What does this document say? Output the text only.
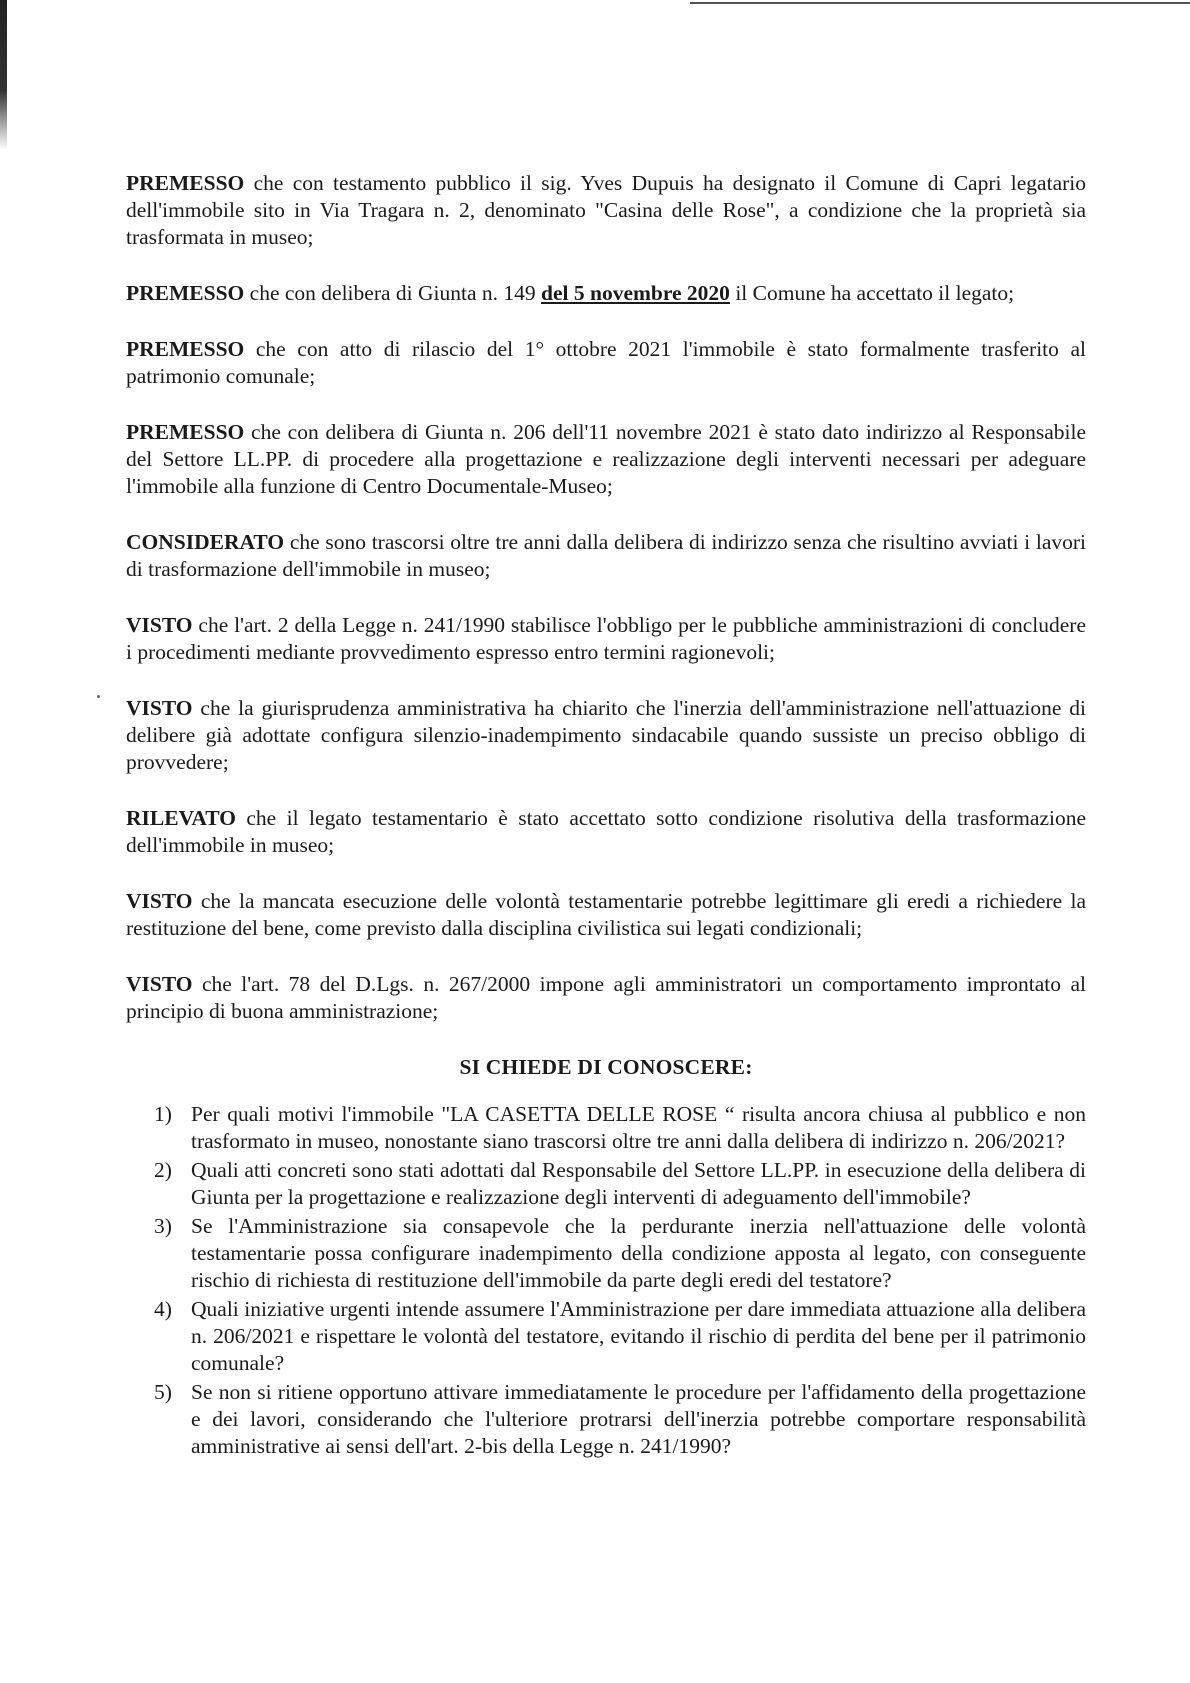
PREMESSO che con testamento pubblico il sig. Yves Dupuis ha designato il Comune di Capri legatario dell'immobile sito in Via Tragara n. 2, denominato "Casina delle Rose", a condizione che la proprietà sia trasformata in museo;

PREMESSO che con delibera di Giunta n. 149 del 5 novembre 2020 il Comune ha accettato il legato;

PREMESSO che con atto di rilascio del 1° ottobre 2021 l'immobile è stato formalmente trasferito al patrimonio comunale;

PREMESSO che con delibera di Giunta n. 206 dell'11 novembre 2021 è stato dato indirizzo al Responsabile del Settore LL.PP. di procedere alla progettazione e realizzazione degli interventi necessari per adeguare l'immobile alla funzione di Centro Documentale-Museo;

CONSIDERATO che sono trascorsi oltre tre anni dalla delibera di indirizzo senza che risultino avviati i lavori di trasformazione dell'immobile in museo;

VISTO che l'art. 2 della Legge n. 241/1990 stabilisce l'obbligo per le pubbliche amministrazioni di concludere i procedimenti mediante provvedimento espresso entro termini ragionevoli;

VISTO che la giurisprudenza amministrativa ha chiarito che l'inerzia dell'amministrazione nell'attuazione di delibere già adottate configura silenzio-inadempimento sindacabile quando sussiste un preciso obbligo di provvedere;

RILEVATO che il legato testamentario è stato accettato sotto condizione risolutiva della trasformazione dell'immobile in museo;

VISTO che la mancata esecuzione delle volontà testamentarie potrebbe legittimare gli eredi a richiedere la restituzione del bene, come previsto dalla disciplina civilistica sui legati condizionali;

VISTO che l'art. 78 del D.Lgs. n. 267/2000 impone agli amministratori un comportamento improntato al principio di buona amministrazione;

SI CHIEDE DI CONOSCERE:
1) Per quali motivi l'immobile "LA CASETTA DELLE ROSE “ risulta ancora chiusa al pubblico e non trasformato in museo, nonostante siano trascorsi oltre tre anni dalla delibera di indirizzo n. 206/2021?
2) Quali atti concreti sono stati adottati dal Responsabile del Settore LL.PP. in esecuzione della delibera di Giunta per la progettazione e realizzazione degli interventi di adeguamento dell'immobile?
3) Se l'Amministrazione sia consapevole che la perdurante inerzia nell'attuazione delle volontà testamentarie possa configurare inadempimento della condizione apposta al legato, con conseguente rischio di richiesta di restituzione dell'immobile da parte degli eredi del testatore?
4) Quali iniziative urgenti intende assumere l'Amministrazione per dare immediata attuazione alla delibera n. 206/2021 e rispettare le volontà del testatore, evitando il rischio di perdita del bene per il patrimonio comunale?
5) Se non si ritiene opportuno attivare immediatamente le procedure per l'affidamento della progettazione e dei lavori, considerando che l'ulteriore protrarsi dell'inerzia potrebbe comportare responsabilità amministrative ai sensi dell'art. 2-bis della Legge n. 241/1990?
